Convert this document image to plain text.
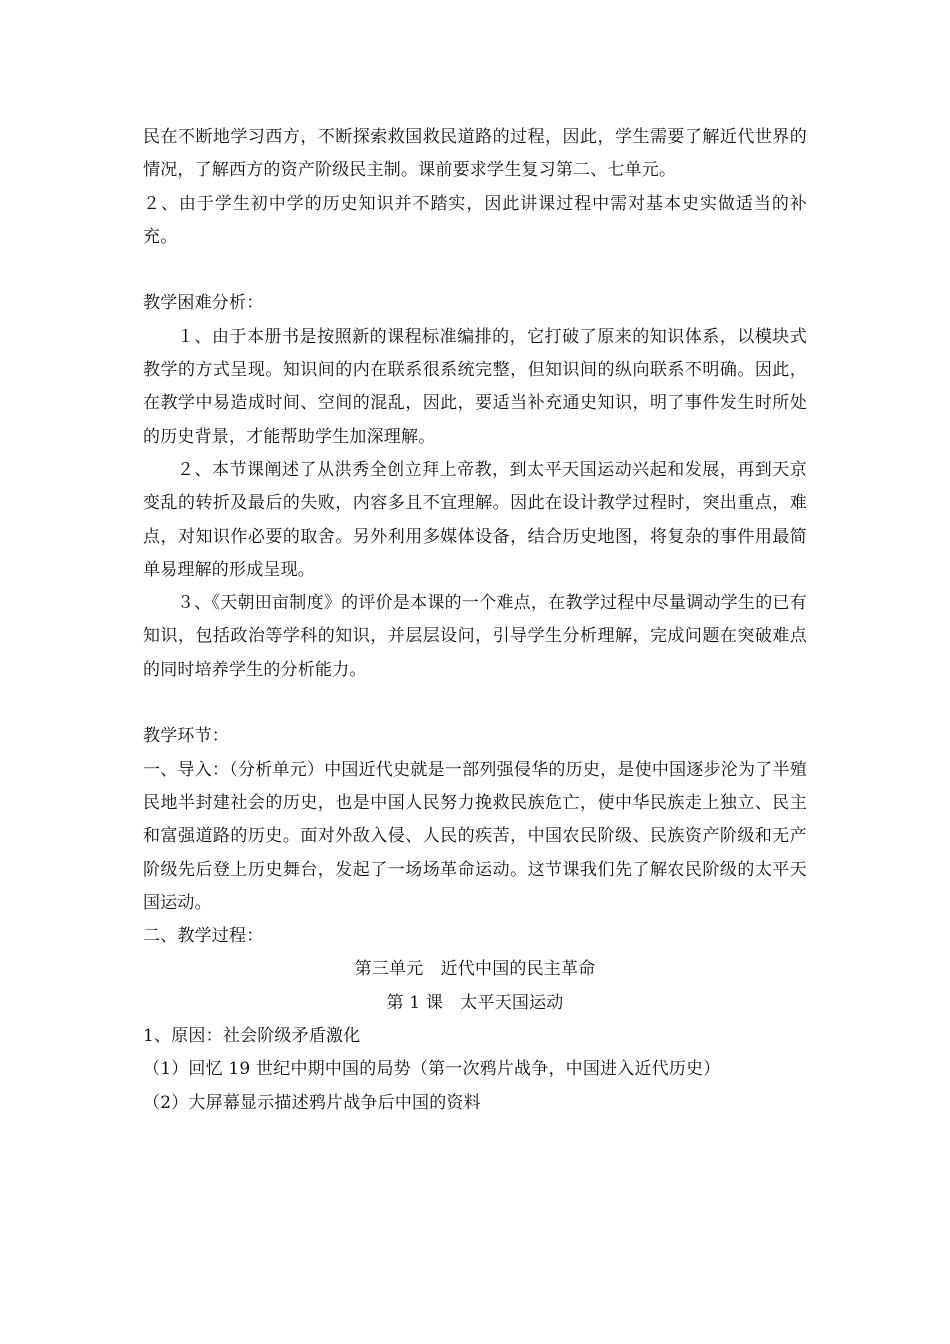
民在不断地学习西方，不断探索救国救民道路的过程，因此，学生需要了解近代世界的情况，了解西方的资产阶级民主制。课前要求学生复习第二、七单元。

２、由于学生初中学的历史知识并不踏实，因此讲课过程中需对基本史实做适当的补充。

教学困难分析：

１、由于本册书是按照新的课程标准编排的，它打破了原来的知识体系，以模块式教学的方式呈现。知识间的内在联系很系统完整，但知识间的纵向联系不明确。因此，在教学中易造成时间、空间的混乱，因此，要适当补充通史知识，明了事件发生时所处的历史背景，才能帮助学生加深理解。

２、本节课阐述了从洪秀全创立拜上帝教，到太平天国运动兴起和发展，再到天京变乱的转折及最后的失败，内容多且不宜理解。因此在设计教学过程时，突出重点，难点，对知识作必要的取舍。另外利用多媒体设备，结合历史地图，将复杂的事件用最简单易理解的形成呈现。

３、《天朝田亩制度》的评价是本课的一个难点，在教学过程中尽量调动学生的已有知识，包括政治等学科的知识，并层层设问，引导学生分析理解，完成问题在突破难点的同时培养学生的分析能力。

教学环节：

一、导入：（分析单元）中国近代史就是一部列强侵华的历史，是使中国逐步沦为了半殖民地半封建社会的历史，也是中国人民努力挽救民族危亡，使中华民族走上独立、民主和富强道路的历史。面对外敌入侵、人民的疾苦，中国农民阶级、民族资产阶级和无产阶级先后登上历史舞台，发起了一场场革命运动。这节课我们先了解农民阶级的太平天国运动。

二、教学过程：

第三单元　近代中国的民主革命

第 1 课　太平天国运动

1、原因：社会阶级矛盾激化

（1）回忆 19 世纪中期中国的局势（第一次鸦片战争，中国进入近代历史）

（2）大屏幕显示描述鸦片战争后中国的资料
